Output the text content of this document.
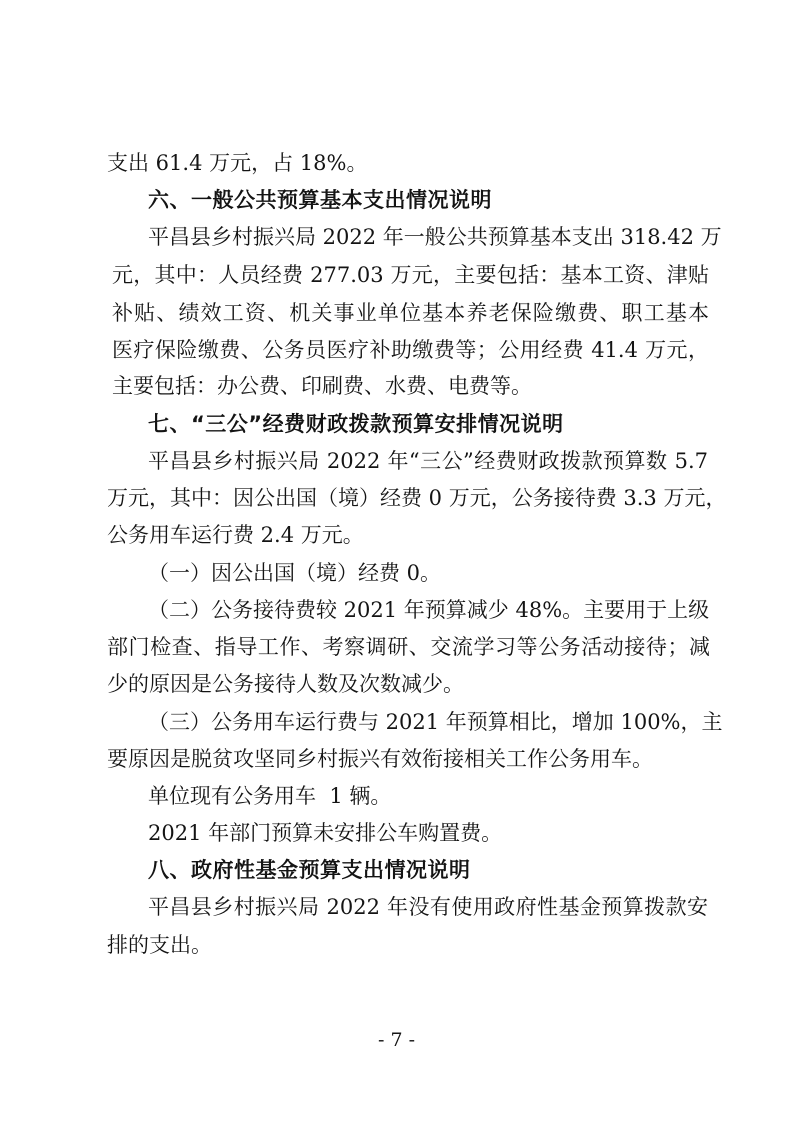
支出 61.4 万元，占 18%。
六、一般公共预算基本支出情况说明
平昌县乡村振兴局 2022 年一般公共预算基本支出 318.42 万
元，其中：人员经费 277.03 万元，主要包括：基本工资、津贴
补贴、绩效工资、机关事业单位基本养老保险缴费、职工基本
医疗保险缴费、公务员医疗补助缴费等；公用经费 41.4 万元，
主要包括：办公费、印刷费、水费、电费等。
七、“三公”经费财政拨款预算安排情况说明
平昌县乡村振兴局 2022 年“三公”经费财政拨款预算数 5.7
万元，其中：因公出国（境）经费 0 万元，公务接待费 3.3 万元，
公务用车运行费 2.4 万元。
（一）因公出国（境）经费 0。
（二）公务接待费较 2021 年预算减少 48%。主要用于上级
部门检查、指导工作、考察调研、交流学习等公务活动接待；减
少的原因是公务接待人数及次数减少。
（三）公务用车运行费与 2021 年预算相比，增加 100%，主
要原因是脱贫攻坚同乡村振兴有效衔接相关工作公务用车。
单位现有公务用车  1 辆。
2021 年部门预算未安排公车购置费。
八、政府性基金预算支出情况说明
平昌县乡村振兴局 2022 年没有使用政府性基金预算拨款安
排的支出。
- 7 -
